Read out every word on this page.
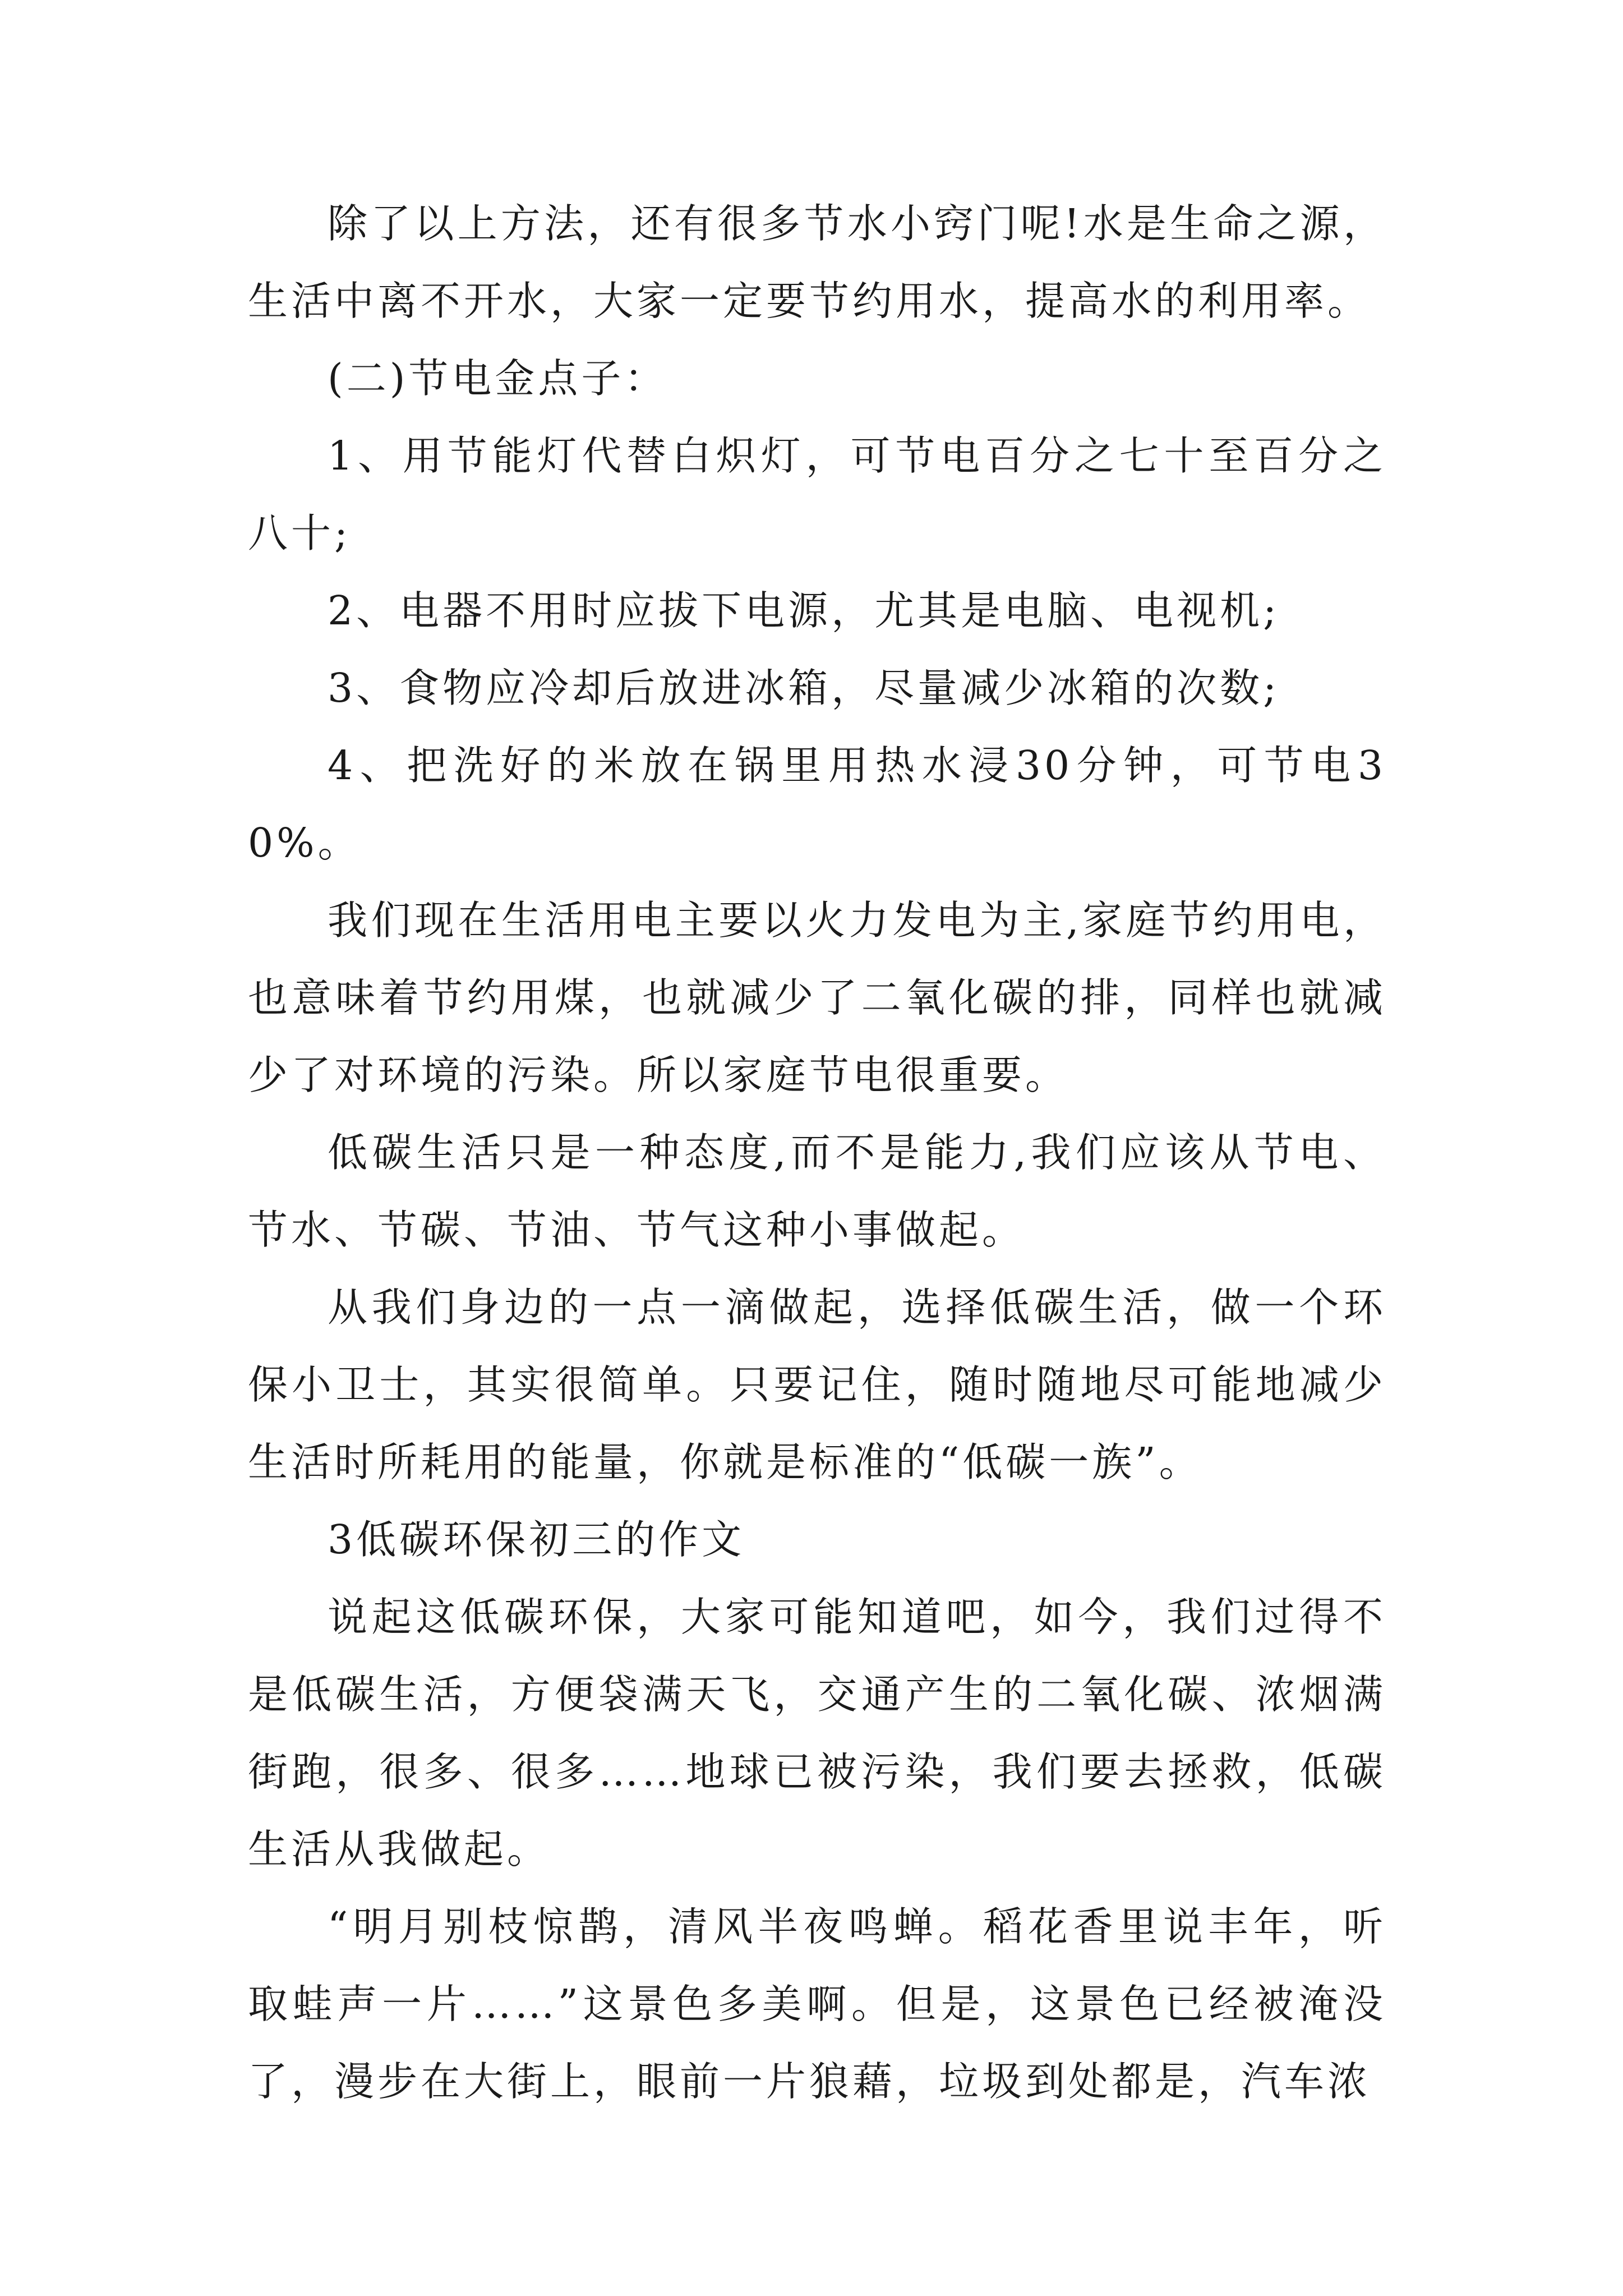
除了以上方法，还有很多节水小窍门呢!水是生命之源，生活中离不开水，大家一定要节约用水，提高水的利用率。

(二)节电金点子：

1、用节能灯代替白炽灯，可节电百分之七十至百分之八十;

2、电器不用时应拔下电源，尤其是电脑、电视机;

3、食物应冷却后放进冰箱，尽量减少冰箱的次数;

4、把洗好的米放在锅里用热水浸30分钟，可节电30%。

我们现在生活用电主要以火力发电为主,家庭节约用电，也意味着节约用煤，也就减少了二氧化碳的排，同样也就减少了对环境的污染。所以家庭节电很重要。

低碳生活只是一种态度,而不是能力,我们应该从节电、节水、节碳、节油、节气这种小事做起。

从我们身边的一点一滴做起，选择低碳生活，做一个环保小卫士，其实很简单。只要记住，随时随地尽可能地减少生活时所耗用的能量，你就是标准的“低碳一族”。

3低碳环保初三的作文

说起这低碳环保，大家可能知道吧，如今，我们过得不是低碳生活，方便袋满天飞，交通产生的二氧化碳、浓烟满街跑，很多、很多……地球已被污染，我们要去拯救，低碳生活从我做起。

“明月别枝惊鹊，清风半夜鸣蝉。稻花香里说丰年，听取蛙声一片……”这景色多美啊。但是，这景色已经被淹没了，漫步在大街上，眼前一片狼藉，垃圾到处都是，汽车浓
